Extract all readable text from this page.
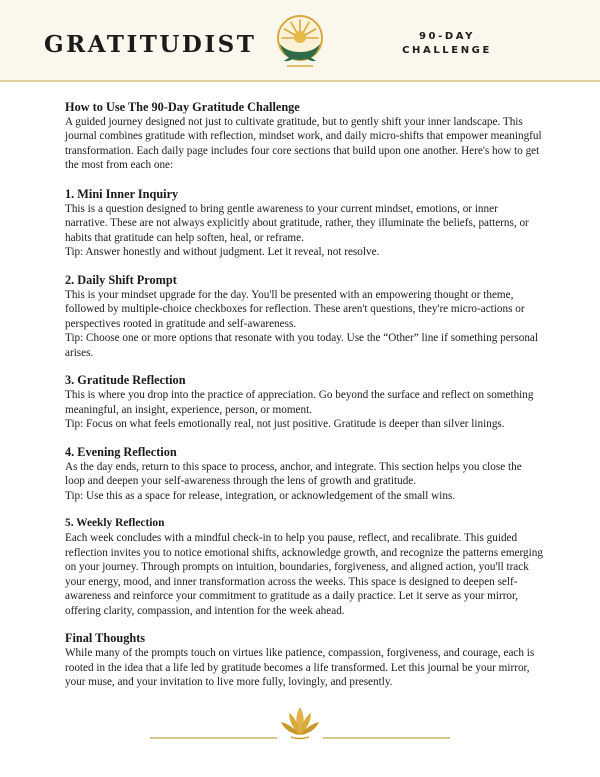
GRATITUDIST	90-DAY
CHALLENGE

How to Use The 90-Day Gratitude Challenge

A guided journey designed not just to cultivate gratitude, but to gently shift your inner landscape. This journal combines gratitude with reflection, mindset work, and daily micro-shifts that empower meaningful transformation. Each daily page includes four core sections that build upon one another. Here's how to get the most from each one:

1. Mini Inner Inquiry

This is a question designed to bring gentle awareness to your current mindset, emotions, or inner narrative. These are not always explicitly about gratitude, rather, they illuminate the beliefs, patterns, or habits that gratitude can help soften, heal, or reframe.

Tip: Answer honestly and without judgment. Let it reveal, not resolve.

2. Daily Shift Prompt

This is your mindset upgrade for the day. You'll be presented with an empowering thought or theme, followed by multiple-choice checkboxes for reflection. These aren't questions, they're micro-actions or perspectives rooted in gratitude and self-awareness.

Tip: Choose one or more options that resonate with you today. Use the “Other” line if something personal arises.

3. Gratitude Reflection

This is where you drop into the practice of appreciation. Go beyond the surface and reflect on something meaningful, an insight, experience, person, or moment.

Tip: Focus on what feels emotionally real, not just positive. Gratitude is deeper than silver linings.

4. Evening Reflection

As the day ends, return to this space to process, anchor, and integrate. This section helps you close the loop and deepen your self-awareness through the lens of growth and gratitude.

Tip: Use this as a space for release, integration, or acknowledgement of the small wins.

5. Weekly Reflection

Each week concludes with a mindful check-in to help you pause, reflect, and recalibrate. This guided reflection invites you to notice emotional shifts, acknowledge growth, and recognize the patterns emerging on your journey. Through prompts on intuition, boundaries, forgiveness, and aligned action, you'll track your energy, mood, and inner transformation across the weeks. This space is designed to deepen self-awareness and reinforce your commitment to gratitude as a daily practice. Let it serve as your mirror, offering clarity, compassion, and intention for the week ahead.

Final Thoughts

While many of the prompts touch on virtues like patience, compassion, forgiveness, and courage, each is rooted in the idea that a life led by gratitude becomes a life transformed. Let this journal be your mirror, your muse, and your invitation to live more fully, lovingly, and presently.
